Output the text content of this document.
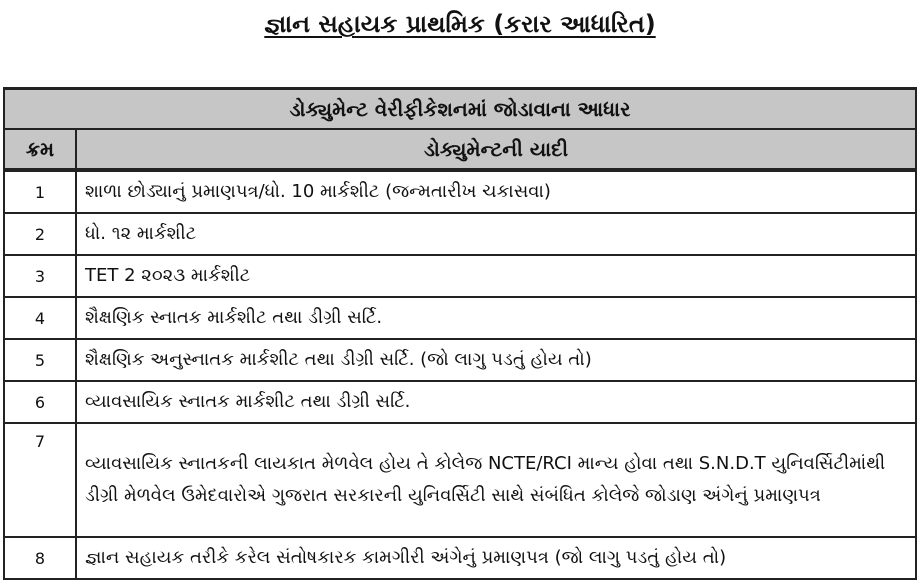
જ્ઞાન સહાયક પ્રાથમિક (કરાર આધારિત)
ડોક્યુમેન્ટ વેરીફીકેશનમાં જોડાવાના આધાર	
ક્રમ	ડોક્યુમેન્ટની યાદી
1	શાળા છોડ્યાનું પ્રમાણપત્ર/ધો. 10 માર્કશીટ (જન્મતારીખ ચકાસવા)
2	ધો. ૧૨ માર્કશીટ
3	TET 2 ૨૦૨૩ માર્કશીટ
4	શૈક્ષણિક સ્નાતક માર્કશીટ તથા ડીગ્રી સર્ટિ.
5	શૈક્ષણિક અનુસ્નાતક માર્કશીટ તથા ડીગ્રી સર્ટિ. (જો લાગુ પડતું હોય તો)
6	વ્યાવસાયિક સ્નાતક માર્કશીટ તથા ડીગ્રી સર્ટિ.
7	વ્યાવસાયિક સ્નાતકની લાયકાત મેળવેલ હોય તે કોલેજ NCTE/RCI માન્ય હોવા તથા S.N.D.T યુનિવર્સિટીમાંથી ડીગ્રી મેળવેલ ઉમેદવારોએ ગુજરાત સરકારની યુનિવર્સિટી સાથે સંબંધિત કોલેજે જોડાણ અંગેનું પ્રમાણપત્ર
8	જ્ઞાન સહાયક તરીકે કરેલ સંતોષકારક કામગીરી અંગેનું પ્રમાણપત્ર (જો લાગુ પડતું હોય તો)
